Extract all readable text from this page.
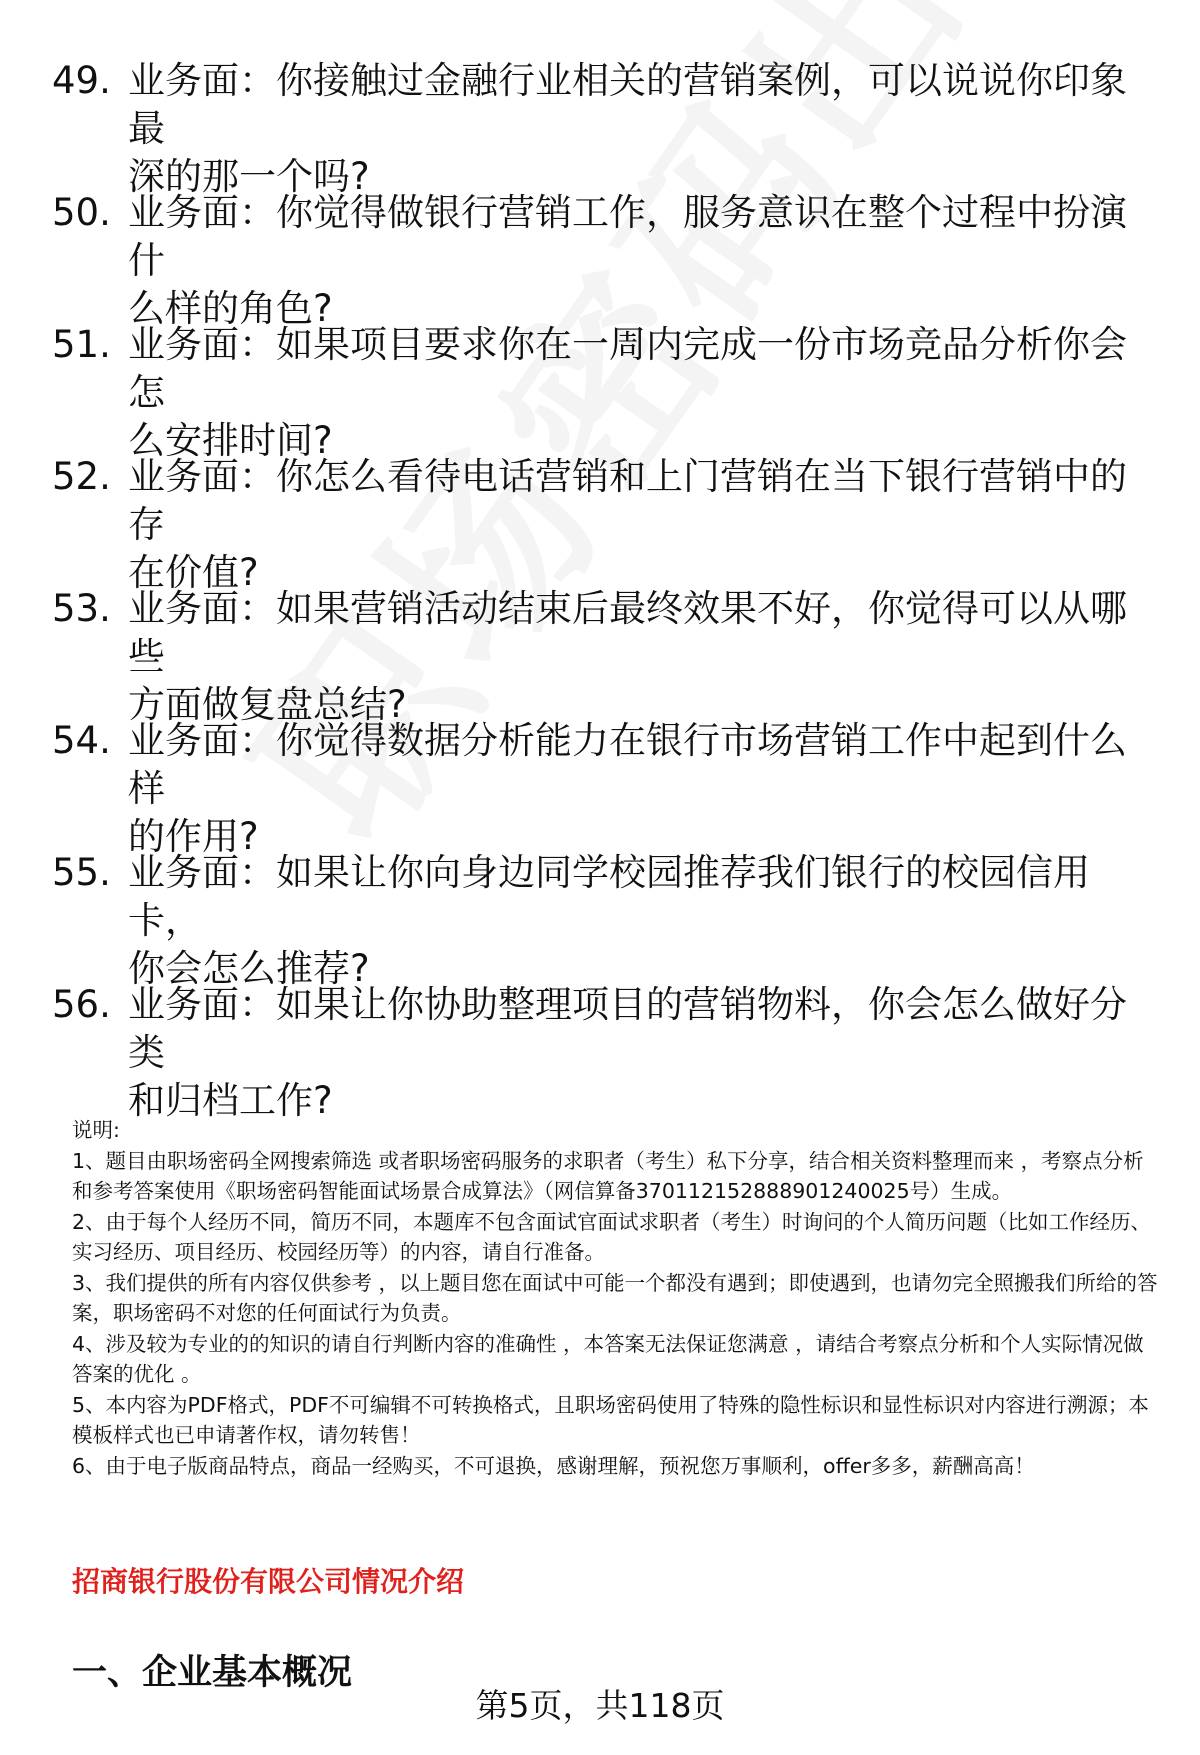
49. 业务面：你接触过金融行业相关的营销案例，可以说说你印象最
深的那一个吗?
50. 业务面：你觉得做银行营销工作，服务意识在整个过程中扮演什
么样的角色?
51. 业务面：如果项目要求你在一周内完成一份市场竞品分析你会怎
么安排时间?
52. 业务面：你怎么看待电话营销和上门营销在当下银行营销中的存
在价值?
53. 业务面：如果营销活动结束后最终效果不好，你觉得可以从哪些
方面做复盘总结?
54. 业务面：你觉得数据分析能力在银行市场营销工作中起到什么样
的作用?
55. 业务面：如果让你向身边同学校园推荐我们银行的校园信用卡，
你会怎么推荐?
56. 业务面：如果让你协助整理项目的营销物料，你会怎么做好分类
和归档工作?

说明:

1、题目由职场密码全网搜索筛选 或者职场密码服务的求职者（考生）私下分享，结合相关资料整理而来 ，考察点分析和参考答案使用《职场密码智能面试场景合成算法》（网信算备370112152888901240025号）生成。

2、由于每个人经历不同，简历不同，本题库不包含面试官面试求职者（考生）时询问的个人简历问题（比如工作经历、实习经历、项目经历、校园经历等）的内容，请自行准备。

3、我们提供的所有内容仅供参考 ，以上题目您在面试中可能一个都没有遇到；即使遇到，也请勿完全照搬我们所给的答案，职场密码不对您的任何面试行为负责。

4、涉及较为专业的的知识的请自行判断内容的准确性 ，本答案无法保证您满意 ，请结合考察点分析和个人实际情况做答案的优化 。

5、本内容为PDF格式，PDF不可编辑不可转换格式，且职场密码使用了特殊的隐性标识和显性标识对内容进行溯源；本模板样式也已申请著作权，请勿转售！

6、由于电子版商品特点，商品一经购买，不可退换，感谢理解，预祝您万事顺利，offer多多，薪酬高高！

招商银行股份有限公司情况介绍
一、企业基本概况
第5页，共118页
